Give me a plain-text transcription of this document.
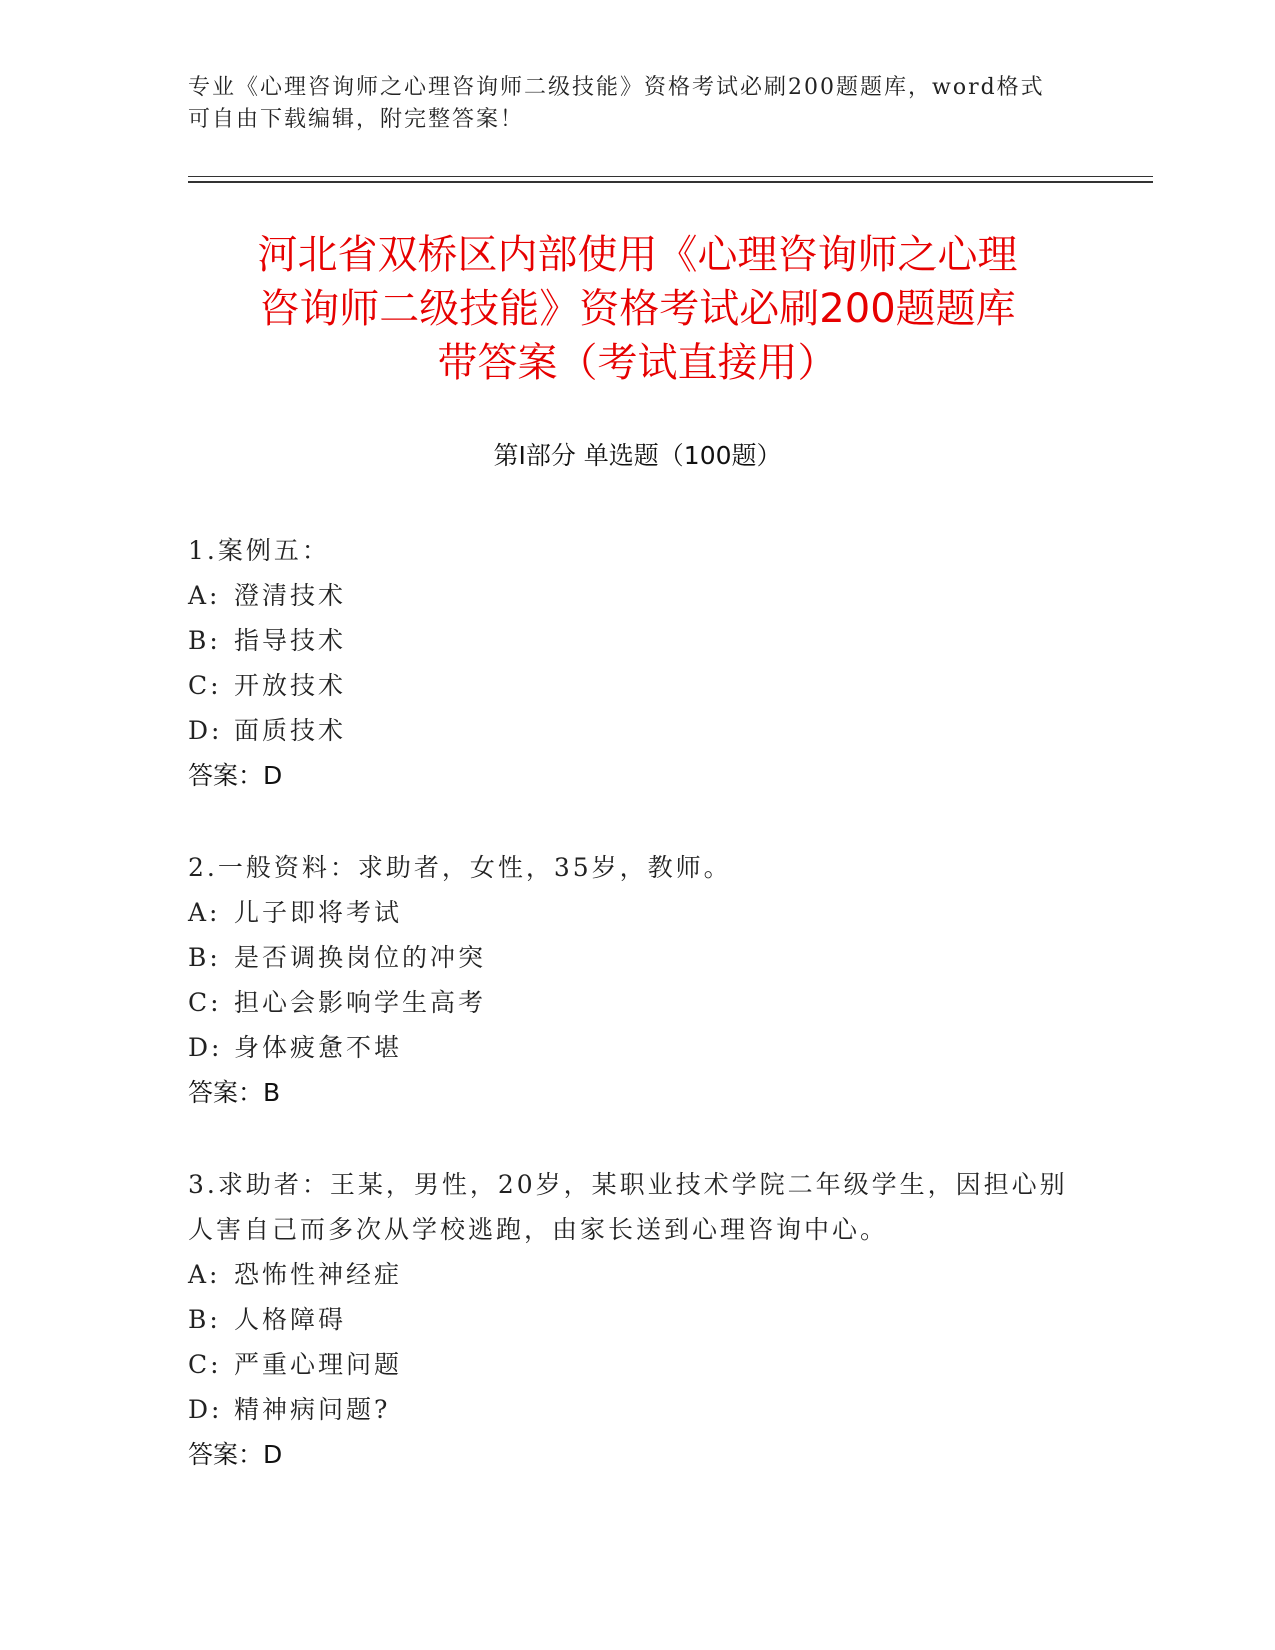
专业《心理咨询师之心理咨询师二级技能》资格考试必刷200题题库，word格式可自由下载编辑，附完整答案！
河北省双桥区内部使用《心理咨询师之心理
咨询师二级技能》资格考试必刷200题题库
带答案（考试直接用）
第Ⅰ部分 单选题（100题）

1.案例五：

A: 澄清技术

B: 指导技术

C: 开放技术

D: 面质技术

答案：D

2.一般资料：求助者，女性，35岁，教师。

A: 儿子即将考试

B: 是否调换岗位的冲突

C: 担心会影响学生高考

D: 身体疲惫不堪

答案：B

3.求助者：王某，男性，20岁，某职业技术学院二年级学生，因担心别人害自己而多次从学校逃跑，由家长送到心理咨询中心。

A: 恐怖性神经症

B: 人格障碍

C: 严重心理问题

D: 精神病问题?

答案：D
